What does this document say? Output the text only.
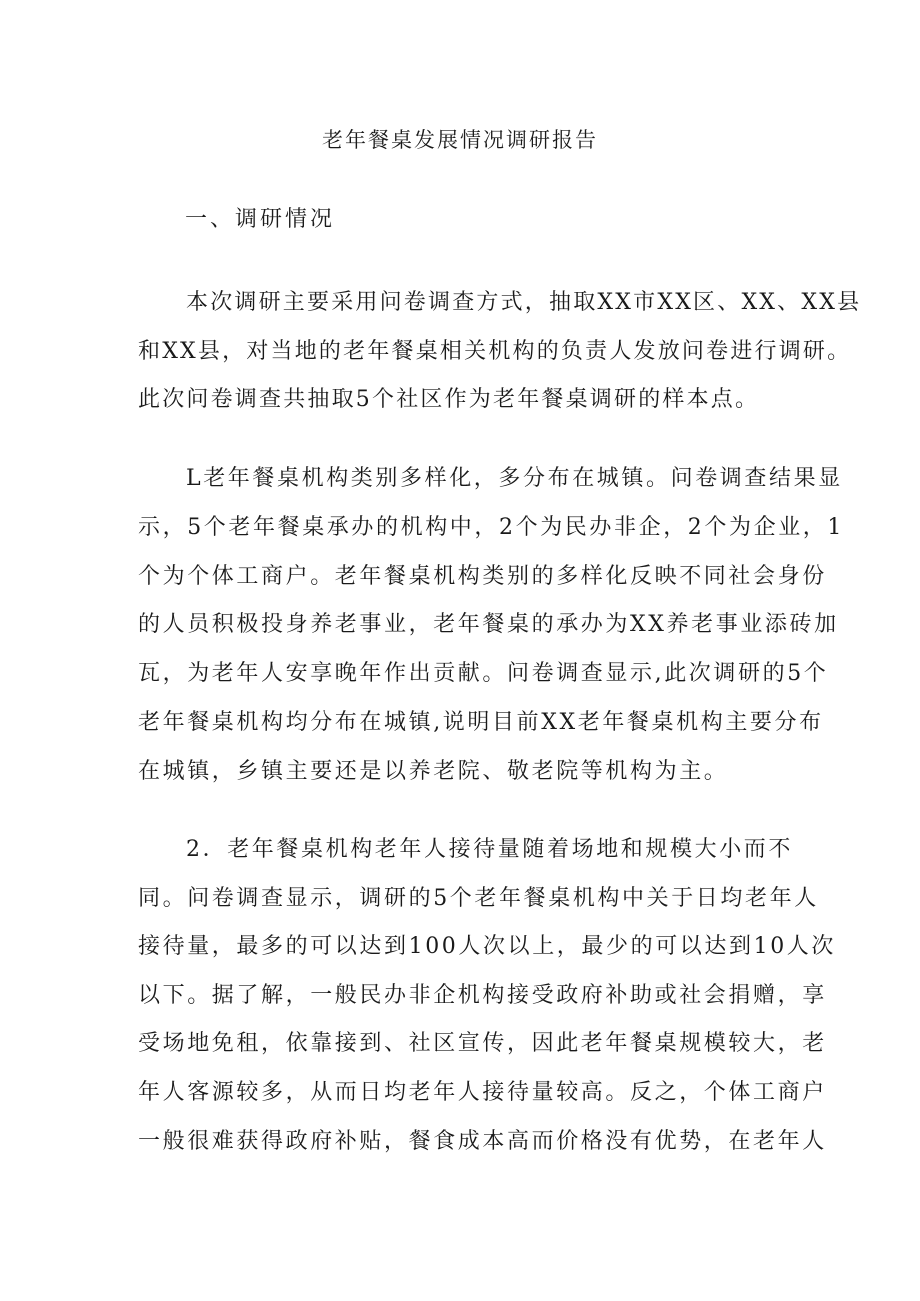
老年餐桌发展情况调研报告
一、调研情况
本次调研主要采用问卷调查方式，抽取XX市XX区、XX、XX县
和XX县，对当地的老年餐桌相关机构的负责人发放问卷进行调研。
此次问卷调查共抽取5个社区作为老年餐桌调研的样本点。
L老年餐桌机构类别多样化，多分布在城镇。问卷调查结果显
示，5个老年餐桌承办的机构中，2个为民办非企，2个为企业，1
个为个体工商户。老年餐桌机构类别的多样化反映不同社会身份
的人员积极投身养老事业，老年餐桌的承办为XX养老事业添砖加
瓦，为老年人安享晚年作出贡献。问卷调查显示,此次调研的5个
老年餐桌机构均分布在城镇,说明目前XX老年餐桌机构主要分布
在城镇，乡镇主要还是以养老院、敬老院等机构为主。
2．老年餐桌机构老年人接待量随着场地和规模大小而不
同。问卷调查显示，调研的5个老年餐桌机构中关于日均老年人
接待量，最多的可以达到100人次以上，最少的可以达到10人次
以下。据了解，一般民办非企机构接受政府补助或社会捐赠，享
受场地免租，依靠接到、社区宣传，因此老年餐桌规模较大，老
年人客源较多，从而日均老年人接待量较高。反之，个体工商户
一般很难获得政府补贴，餐食成本高而价格没有优势，在老年人
